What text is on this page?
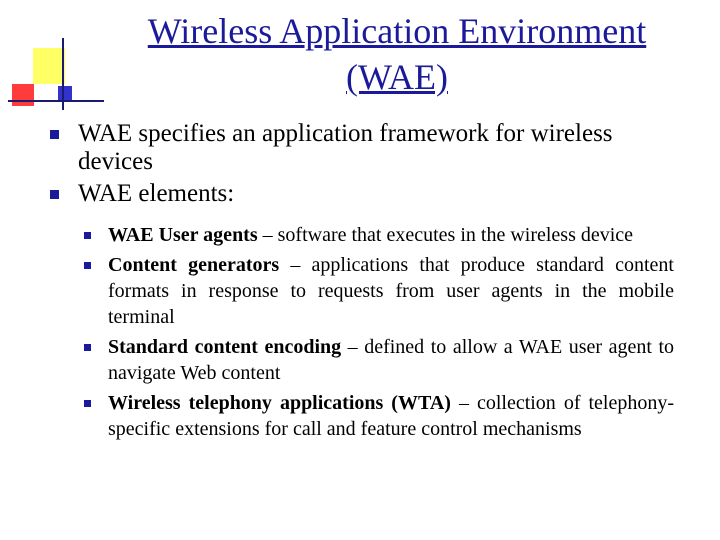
Wireless Application Environment
(WAE)
WAE specifies an application framework for wireless devices
WAE elements:
WAE User agents – software that executes in the wireless device
Content generators – applications that produce standard content formats in response to requests from user agents in the mobile terminal
Standard content encoding – defined to allow a WAE user agent to navigate Web content
Wireless telephony applications (WTA) – collection of telephony-specific extensions for call and feature control mechanisms
